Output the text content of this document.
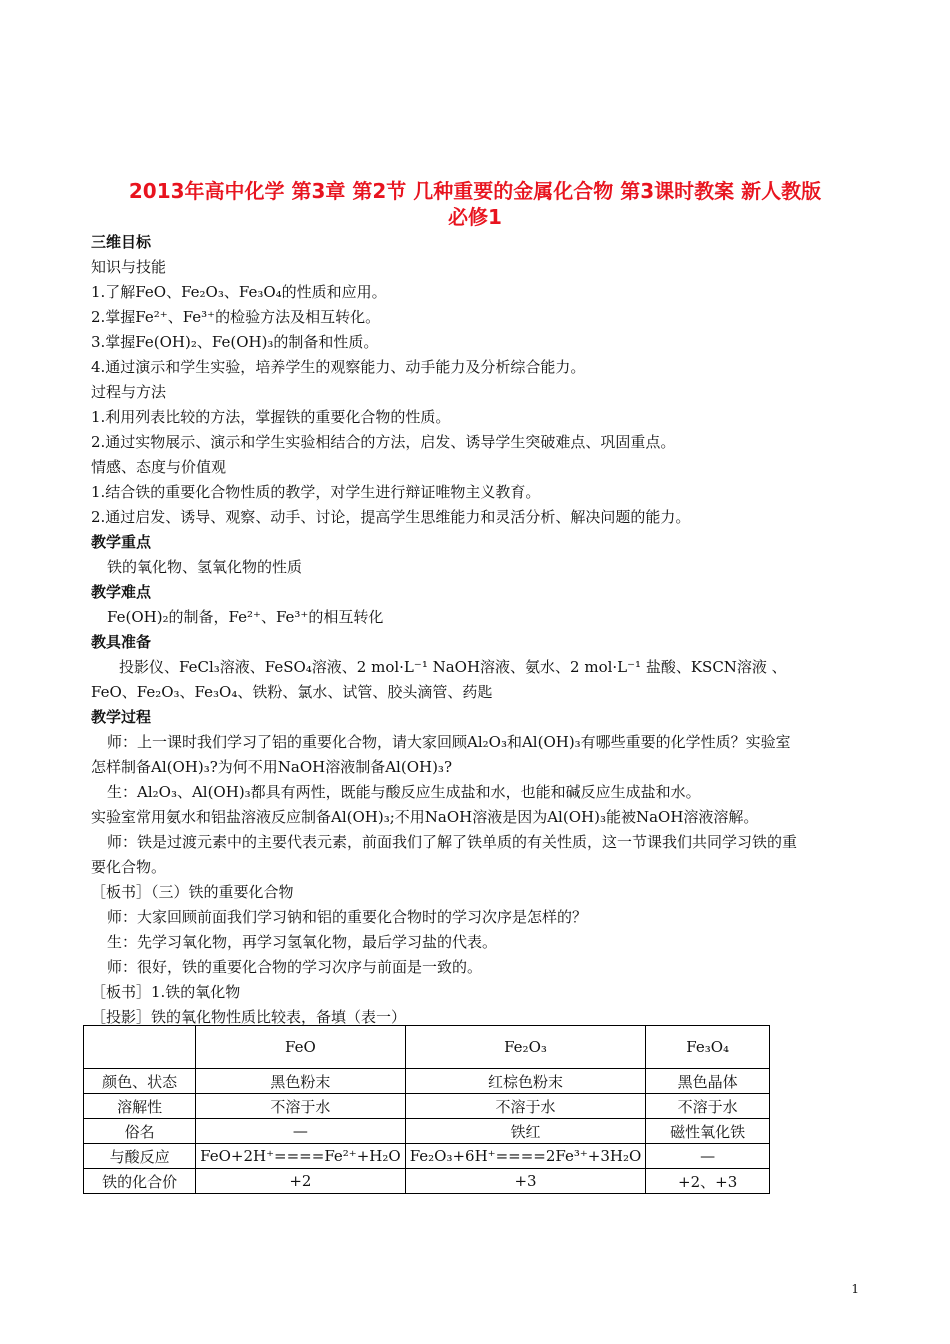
2013年高中化学 第3章 第2节 几种重要的金属化合物 第3课时教案 新人教版
必修1
三维目标
知识与技能
1.了解FeO、Fe₂O₃、Fe₃O₄的性质和应用。
2.掌握Fe²⁺、Fe³⁺的检验方法及相互转化。
3.掌握Fe(OH)₂、Fe(OH)₃的制备和性质。
4.通过演示和学生实验，培养学生的观察能力、动手能力及分析综合能力。
过程与方法
1.利用列表比较的方法，掌握铁的重要化合物的性质。
2.通过实物展示、演示和学生实验相结合的方法，启发、诱导学生突破难点、巩固重点。
情感、态度与价值观
1.结合铁的重要化合物性质的教学，对学生进行辩证唯物主义教育。
2.通过启发、诱导、观察、动手、讨论，提高学生思维能力和灵活分析、解决问题的能力。
教学重点
铁的氧化物、氢氧化物的性质
教学难点
Fe(OH)₂的制备，Fe²⁺、Fe³⁺的相互转化
教具准备
投影仪、FeCl₃溶液、FeSO₄溶液、2 mol·L⁻¹ NaOH溶液、氨水、2 mol·L⁻¹ 盐酸、KSCN溶液 、
FeO、Fe₂O₃、Fe₃O₄、铁粉、氯水、试管、胶头滴管、药匙
教学过程
师：上一课时我们学习了铝的重要化合物，请大家回顾Al₂O₃和Al(OH)₃有哪些重要的化学性质？实验室
怎样制备Al(OH)₃?为何不用NaOH溶液制备Al(OH)₃?
生：Al₂O₃、Al(OH)₃都具有两性，既能与酸反应生成盐和水，也能和碱反应生成盐和水。
实验室常用氨水和铝盐溶液反应制备Al(OH)₃;不用NaOH溶液是因为Al(OH)₃能被NaOH溶液溶解。
师：铁是过渡元素中的主要代表元素，前面我们了解了铁单质的有关性质，这一节课我们共同学习铁的重
要化合物。
［板书］（三）铁的重要化合物
师：大家回顾前面我们学习钠和铝的重要化合物时的学习次序是怎样的？
生：先学习氧化物，再学习氢氧化物，最后学习盐的代表。
师：很好，铁的重要化合物的学习次序与前面是一致的。
［板书］1.铁的氧化物
［投影］铁的氧化物性质比较表，备填（表一）
	FeO	Fe₂O₃	Fe₃O₄
颜色、状态	黑色粉末	红棕色粉末	黑色晶体
溶解性	不溶于水	不溶于水	不溶于水
俗名	—	铁红	磁性氧化铁
与酸反应	FeO+2H⁺====Fe²⁺+H₂O	Fe₂O₃+6H⁺====2Fe³⁺+3H₂O	—
铁的化合价	+2	+3	+2、+3
1
